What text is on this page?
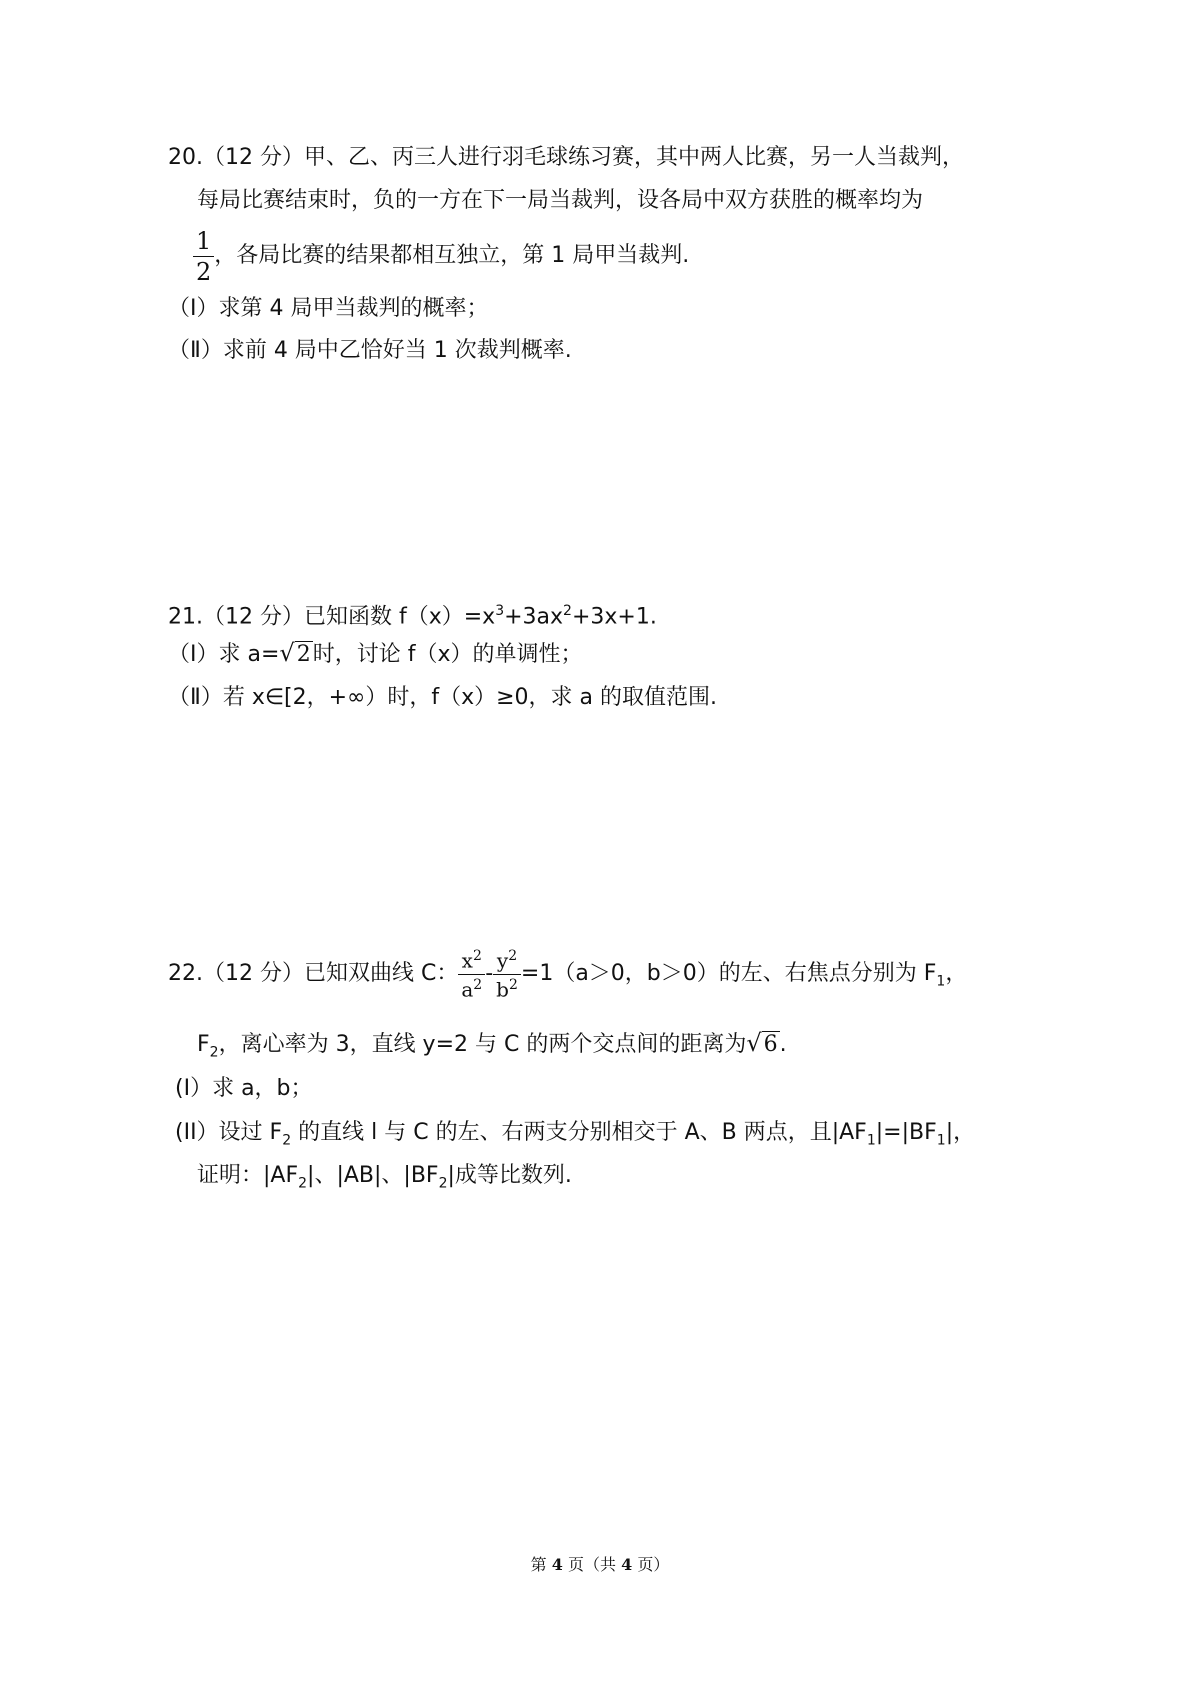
20.（12 分）甲、乙、丙三人进行羽毛球练习赛，其中两人比赛，另一人当裁判，
每局比赛结束时，负的一方在下一局当裁判，设各局中双方获胜的概率均为
$\frac{1}{2}$ ，各局比赛的结果都相互独立，第 1 局甲当裁判.
（Ⅰ）求第 4 局甲当裁判的概率；
（Ⅱ）求前 4 局中乙恰好当 1 次裁判概率.
21.（12 分）已知函数 $f(x)=x^3+3ax^2+3x+1$.
（Ⅰ）求 a=√2时，讨论 f（x）的单调性；
（Ⅱ）若 x∈[2，+∞）时，f（x）≥0，求 a 的取值范围.
22.（12 分）已知双曲线 C： $\frac{x^2}{a^2} - \frac{y^2}{b^2} =1(a>0$，b＞0）的左、右焦点分别为 $F_1$，
$F_2$，离心率为 3，直线 y=2 与 C 的两个交点间的距离为√6.
(I）求 a，b；
(II）设过 $F_2$ 的直线 l 与 C 的左、右两支分别相交于 A、B 两点，且$|AF_1|=|BF_1|$，
证明：$|AF_2|$、|AB|、$|BF_2|$成等比数列.
第 4 页（共 4 页）
